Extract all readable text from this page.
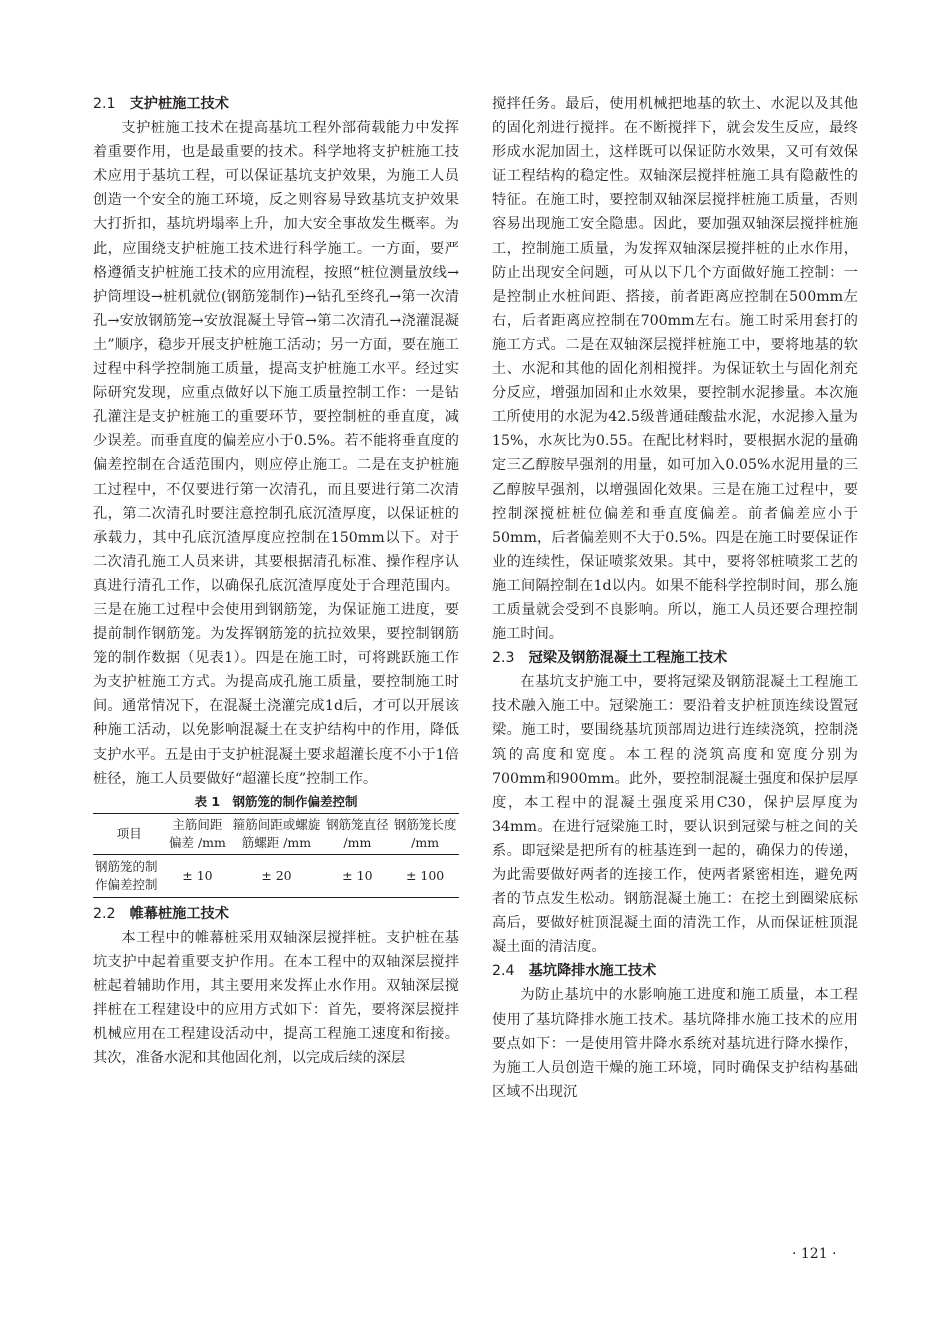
2.1 支护桩施工技术

支护桩施工技术在提高基坑工程外部荷载能力中发挥着重要作用，也是最重要的技术。科学地将支护桩施工技术应用于基坑工程，可以保证基坑支护效果，为施工人员创造一个安全的施工环境，反之则容易导致基坑支护效果大打折扣，基坑坍塌率上升，加大安全事故发生概率。为此，应围绕支护桩施工技术进行科学施工。一方面，要严格遵循支护桩施工技术的应用流程，按照“桩位测量放线→护筒埋设→桩机就位(钢筋笼制作)→钻孔至终孔→第一次清孔→安放钢筋笼→安放混凝土导管→第二次清孔→浇灌混凝土”顺序，稳步开展支护桩施工活动；另一方面，要在施工过程中科学控制施工质量，提高支护桩施工水平。经过实际研究发现，应重点做好以下施工质量控制工作：一是钻孔灌注是支护桩施工的重要环节，要控制桩的垂直度，减少误差。而垂直度的偏差应小于0.5%。若不能将垂直度的偏差控制在合适范围内，则应停止施工。二是在支护桩施工过程中，不仅要进行第一次清孔，而且要进行第二次清孔，第二次清孔时要注意控制孔底沉渣厚度，以保证桩的承载力，其中孔底沉渣厚度应控制在150mm以下。对于二次清孔施工人员来讲，其要根据清孔标准、操作程序认真进行清孔工作，以确保孔底沉渣厚度处于合理范围内。三是在施工过程中会使用到钢筋笼，为保证施工进度，要提前制作钢筋笼。为发挥钢筋笼的抗拉效果，要控制钢筋笼的制作数据（见表1）。四是在施工时，可将跳跃施工作为支护桩施工方式。为提高成孔施工质量，要控制施工时间。通常情况下，在混凝土浇灌完成1d后，才可以开展该种施工活动，以免影响混凝土在支护结构中的作用，降低支护水平。五是由于支护桩混凝土要求超灌长度不小于1倍桩径，施工人员要做好“超灌长度”控制工作。

表 1　钢筋笼的制作偏差控制
项目	主筋间距偏差 /mm	箍筋间距或螺旋筋螺距 /mm	钢筋笼直径 /mm	钢筋笼长度 /mm
钢筋笼的制作偏差控制	± 10	± 20	± 10	± 100
2.2 帷幕桩施工技术

本工程中的帷幕桩采用双轴深层搅拌桩。支护桩在基坑支护中起着重要支护作用。在本工程中的双轴深层搅拌桩起着辅助作用，其主要用来发挥止水作用。双轴深层搅拌桩在工程建设中的应用方式如下：首先，要将深层搅拌机械应用在工程建设活动中，提高工程施工速度和衔接。其次，准备水泥和其他固化剂，以完成后续的深层

搅拌任务。最后，使用机械把地基的软土、水泥以及其他的固化剂进行搅拌。在不断搅拌下，就会发生反应，最终形成水泥加固土，这样既可以保证防水效果，又可有效保证工程结构的稳定性。双轴深层搅拌桩施工具有隐蔽性的特征。在施工时，要控制双轴深层搅拌桩施工质量，否则容易出现施工安全隐患。因此，要加强双轴深层搅拌桩施工，控制施工质量，为发挥双轴深层搅拌桩的止水作用，防止出现安全问题，可从以下几个方面做好施工控制：一是控制止水桩间距、搭接，前者距离应控制在500mm左右，后者距离应控制在700mm左右。施工时采用套打的施工方式。二是在双轴深层搅拌桩施工中，要将地基的软土、水泥和其他的固化剂相搅拌。为保证软土与固化剂充分反应，增强加固和止水效果，要控制水泥掺量。本次施工所使用的水泥为42.5级普通硅酸盐水泥，水泥掺入量为15%，水灰比为0.55。在配比材料时，要根据水泥的量确定三乙醇胺早强剂的用量，如可加入0.05%水泥用量的三乙醇胺早强剂，以增强固化效果。三是在施工过程中，要控制深搅桩桩位偏差和垂直度偏差。前者偏差应小于50mm，后者偏差则不大于0.5%。四是在施工时要保证作业的连续性，保证喷浆效果。其中，要将邻桩喷浆工艺的施工间隔控制在1d以内。如果不能科学控制时间，那么施工质量就会受到不良影响。所以，施工人员还要合理控制施工时间。

2.3 冠梁及钢筋混凝土工程施工技术

在基坑支护施工中，要将冠梁及钢筋混凝土工程施工技术融入施工中。冠梁施工：要沿着支护桩顶连续设置冠梁。施工时，要围绕基坑顶部周边进行连续浇筑，控制浇筑的高度和宽度。本工程的浇筑高度和宽度分别为700mm和900mm。此外，要控制混凝土强度和保护层厚度，本工程中的混凝土强度采用C30，保护层厚度为34mm。在进行冠梁施工时，要认识到冠梁与桩之间的关系。即冠梁是把所有的桩基连到一起的，确保力的传递，为此需要做好两者的连接工作，使两者紧密相连，避免两者的节点发生松动。钢筋混凝土施工：在挖土到圈梁底标高后，要做好桩顶混凝土面的清洗工作，从而保证桩顶混凝土面的清洁度。

2.4 基坑降排水施工技术

为防止基坑中的水影响施工进度和施工质量，本工程使用了基坑降排水施工技术。基坑降排水施工技术的应用要点如下：一是使用管井降水系统对基坑进行降水操作，为施工人员创造干燥的施工环境，同时确保支护结构基础区域不出现沉

· 121 ·
